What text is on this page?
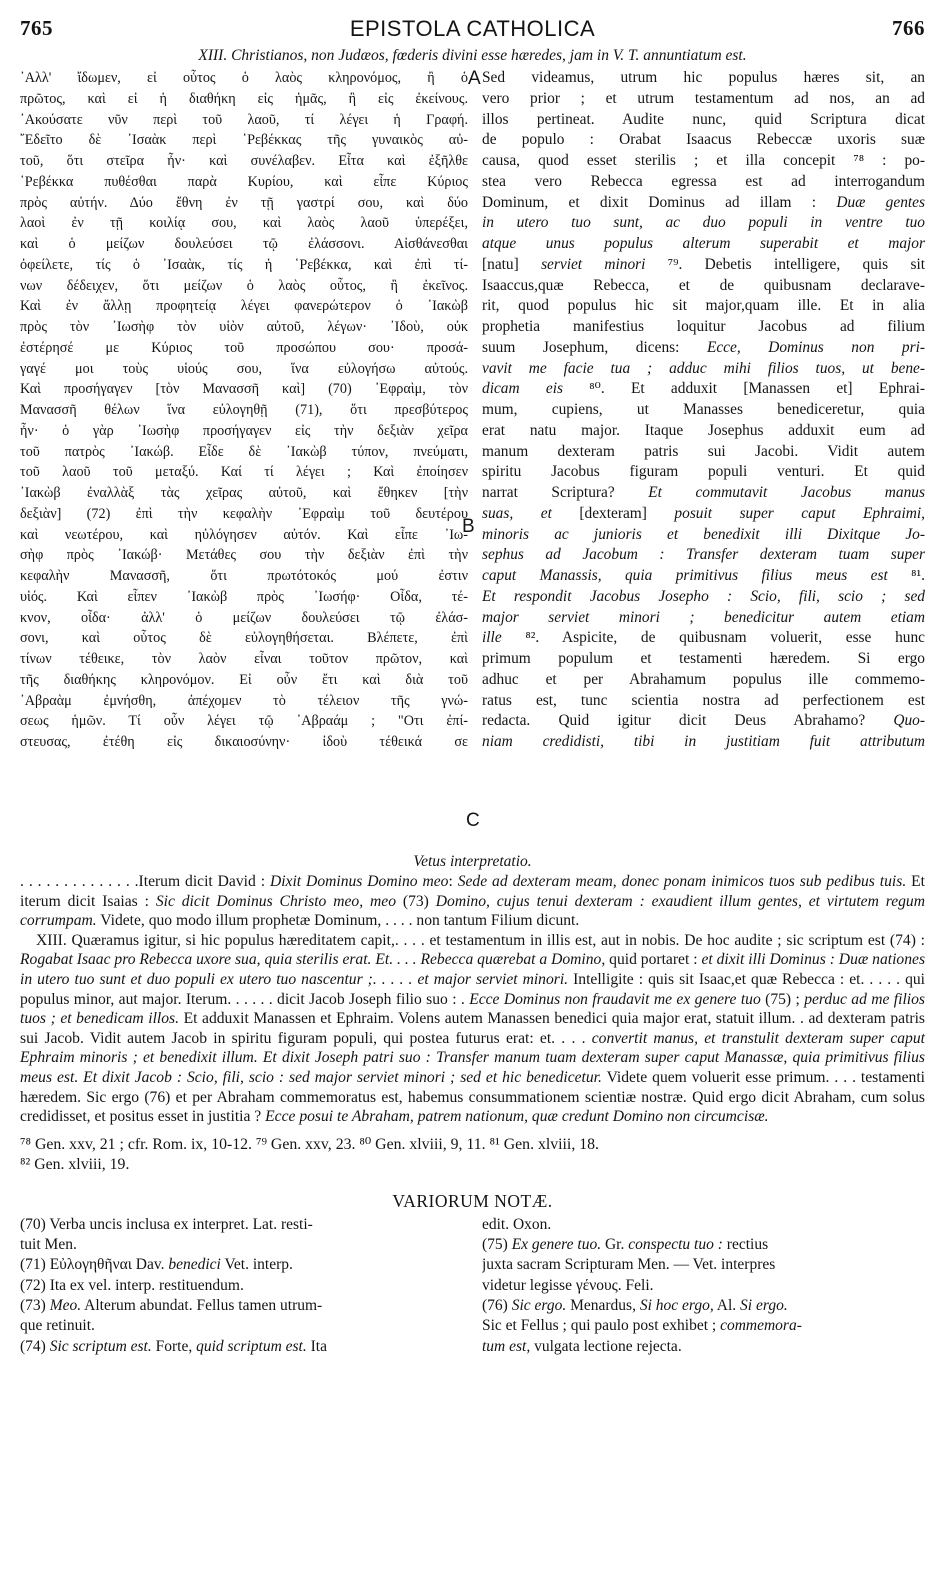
765	EPISTOLA CATHOLICA	766
XIII. Christianos, non Judæos, fœderis divini esse hæredes, jam in V. T. annuntiatum est.
᾿Αλλ' ἴδωμεν, εἰ οὗτος ὁ λαὸς κληρονόμος, ἢ ὁ
πρῶτος, καὶ εἰ ἡ διαθήκη εἰς ἡμᾶς, ἢ εἰς ἐκείνους.
᾿Ακούσατε νῦν περὶ τοῦ λαοῦ, τί λέγει ἡ Γραφή.
῎Εδεῖτο δὲ ᾿Ισαὰκ περὶ ῾Ρεβέκκας τῆς γυναικὸς αὐ-
τοῦ, ὅτι στεῖρα ἦν· καὶ συνέλαβεν. Εἶτα καὶ ἐξῆλθε
῾Ρεβέκκα πυθέσθαι παρὰ Κυρίου, καὶ εἶπε Κύριος
πρὸς αὐτήν. Δύο ἔθνη ἐν τῇ γαστρί σου, καὶ δύο
λαοὶ ἐν τῇ κοιλίᾳ σου, καὶ λαὸς λαοῦ ὑπερέξει,
καὶ ὁ μείζων δουλεύσει τῷ ἐλάσσονι. Αἰσθάνεσθαι
ὀφείλετε, τίς ὁ ᾿Ισαὰκ, τίς ἡ ῾Ρεβέκκα, καὶ ἐπὶ τί-
νων δέδειχεν, ὅτι μείζων ὁ λαὸς οὗτος, ἢ ἐκεῖνος.
Καὶ ἐν ἄλλῃ προφητείᾳ λέγει φανερώτερον ὁ ᾿Ιακὼβ
πρὸς τὸν ᾿Ιωσὴφ τὸν υἱὸν αὐτοῦ, λέγων· ᾿Ιδοὺ, οὐκ
ἐστέρησέ με Κύριος τοῦ προσώπου σου· προσά-
γαγέ μοι τοὺς υἱούς σου, ἵνα εὐλογήσω αὐτούς.
Καὶ προσήγαγεν [τὸν Μανασσῆ καὶ] (70) ᾿Εφραὶμ, τὸν
Μανασσῆ θέλων ἵνα εὐλογηθῇ (71), ὅτι πρεσβύτερος
ἦν· ὁ γὰρ ᾿Ιωσὴφ προσήγαγεν εἰς τὴν δεξιὰν χεῖρα
τοῦ πατρὸς ᾿Ιακώβ. Εἶδε δὲ ᾿Ιακὼβ τύπον, πνεύματι,
τοῦ λαοῦ τοῦ μεταξύ. Καί τί λέγει ; Καὶ ἐποίησεν
᾿Ιακὼβ ἐναλλὰξ τὰς χεῖρας αὐτοῦ, καὶ ἔθηκεν [τὴν
δεξιὰν] (72) ἐπὶ τὴν κεφαλὴν ᾿Εφραὶμ τοῦ δευτέρου
καὶ νεωτέρου, καὶ ηὐλόγησεν αὐτόν. Καὶ εἶπε ᾿Ιω-
σὴφ πρὸς ᾿Ιακώβ· Μετάθες σου τὴν δεξιὰν ἐπὶ τὴν
κεφαλὴν Μανασσῆ, ὅτι πρωτότοκός μού ἐστιν
υἱός. Καὶ εἶπεν ᾿Ιακὼβ πρὸς ᾿Ιωσήφ· Οἶδα, τέ-
κνον, οἶδα· ἀλλ' ὁ μείζων δουλεύσει τῷ ἐλάσ-
σονι, καὶ οὗτος δὲ εὐλογηθήσεται. Βλέπετε, ἐπὶ
τίνων τέθεικε, τὸν λαὸν εἶναι τοῦτον πρῶτον, καὶ
τῆς διαθήκης κληρονόμον. Εἰ οὖν ἔτι καὶ διὰ τοῦ
᾿Αβραὰμ ἐμνήσθη, ἀπέχομεν τὸ τέλειον τῆς γνώ-
σεως ἡμῶν. Τί οὖν λέγει τῷ ᾿Αβραάμ ; "Οτι ἐπί-
στευσας, ἐτέθη εἰς δικαιοσύνην· ἰδοὺ τέθεικά σε
Sed videamus, utrum hic populus hæres sit, an
vero prior ; et utrum testamentum ad nos, an ad
illos pertineat. Audite nunc, quid Scriptura dicat
de populo : Orabat Isaacus Rebeccæ uxoris suæ
causa, quod esset sterilis ; et illa concepit ⁷⁸ : po-
stea vero Rebecca egressa est ad interrogandum
Dominum, et dixit Dominus ad illam : Duæ gentes
in utero tuo sunt, ac duo populi in ventre tuo
atque unus populus alterum superabit et major
[natu] serviet minori ⁷⁹. Debetis intelligere, quis sit
Isaaccus,quæ Rebecca, et de quibusnam declarave-
rit, quod populus hic sit major,quam ille. Et in alia
prophetia manifestius loquitur Jacobus ad filium
suum Josephum, dicens: Ecce, Dominus non pri-
vavit me facie tua ; adduc mihi filios tuos, ut bene-
dicam eis ⁸⁰. Et adduxit [Manassen et] Ephrai-
mum, cupiens, ut Manasses benediceretur, quia
erat natu major. Itaque Josephus adduxit eum ad
manum dexteram patris sui Jacobi. Vidit autem
spiritu Jacobus figuram populi venturi. Et quid
narrat Scriptura? Et commutavit Jacobus manus
suas, et [dexteram] posuit super caput Ephraimi,
minoris ac junioris et benedixit illi Dixitque Jo-
sephus ad Jacobum : Transfer dexteram tuam super
caput Manassis, quia primitivus filius meus est ⁸¹.
Et respondit Jacobus Josepho : Scio, fili, scio ; sed
major serviet minori ; benedicitur autem etiam
ille ⁸². Aspicite, de quibusnam voluerit, esse hunc
primum populum et testamenti hæredem. Si ergo
adhuc et per Abrahamum populus ille commemo-
ratus est, tunc scientia nostra ad perfectionem est
redacta. Quid igitur dicit Deus Abrahamo? Quo-
niam credidisti, tibi in justitiam fuit attributum
A
B
C
Vetus interpretatio.

. . . . . . . . . . . . . .Iterum dicit David : Dixit Dominus Domino meo: Sede ad dexteram meam, donec ponam inimicos tuos sub pedibus tuis. Et iterum dicit Isaias : Sic dicit Dominus Christo meo, meo (73) Domino, cujus tenui dexteram : exaudient illum gentes, et virtutem regum corrumpam. Videte, quo modo illum prophetæ Dominum, . . . . non tantum Filium dicunt.

XIII. Quæramus igitur, si hic populus hæreditatem capit,. . . . et testamentum in illis est, aut in nobis. De hoc audite ; sic scriptum est (74) : Rogabat Isaac pro Rebecca uxore sua, quia sterilis erat. Et. . . . Rebecca quærebat a Domino, quid portaret : et dixit illi Dominus : Duæ nationes in utero tuo sunt et duo populi ex utero tuo nascentur ;. . . . . et major serviet minori. Intelligite : quis sit Isaac,et quæ Rebecca : et. . . . . qui populus minor, aut major. Iterum. . . . . . dicit Jacob Joseph filio suo : . Ecce Dominus non fraudavit me ex genere tuo (75) ; perduc ad me filios tuos ; et benedicam illos. Et adduxit Manassen et Ephraim. Volens autem Manassen benedici quia major erat, statuit illum. . ad dexteram patris sui Jacob. Vidit autem Jacob in spiritu figuram populi, qui postea futurus erat: et. . . . convertit manus, et transtulit dexteram super caput Ephraim minoris ; et benedixit illum. Et dixit Joseph patri suo : Transfer manum tuam dexteram super caput Manassæ, quia primitivus filius meus est. Et dixit Jacob : Scio, fili, scio : sed major serviet minori ; sed et hic benedicetur. Videte quem voluerit esse primum. . . . testamenti hæredem. Sic ergo (76) et per Abraham commemoratus est, habemus consummationem scientiæ nostræ. Quid ergo dicit Abraham, cum solus credidisset, et positus esset in justitia ? Ecce posui te Abraham, patrem nationum, quæ credunt Domino non circumcisæ.

⁷⁸ Gen. xxv, 21 ; cfr. Rom. ix, 10-12. ⁷⁹ Gen. xxv, 23. ⁸⁰ Gen. xlviii, 9, 11. ⁸¹ Gen. xlviii, 18.

⁸² Gen. xlviii, 19.

VARIORUM NOTÆ.
(70) Verba uncis inclusa ex interpret. Lat. resti-
tuit Men.
(71) Εὐλογηθῆναι Dav. benedici Vet. interp.
(72) Ita ex vel. interp. restituendum.
(73) Meo. Alterum abundat. Fellus tamen utrum-
que retinuit.
(74) Sic scriptum est. Forte, quid scriptum est. Ita
edit. Oxon.
(75) Ex genere tuo. Gr. conspectu tuo : rectius
juxta sacram Scripturam Men. — Vet. interpres
videtur legisse γένους. Feli.
(76) Sic ergo. Menardus, Si hoc ergo, Al. Si ergo.
Sic et Fellus ; qui paulo post exhibet ; commemora-
tum est, vulgata lectione rejecta.
